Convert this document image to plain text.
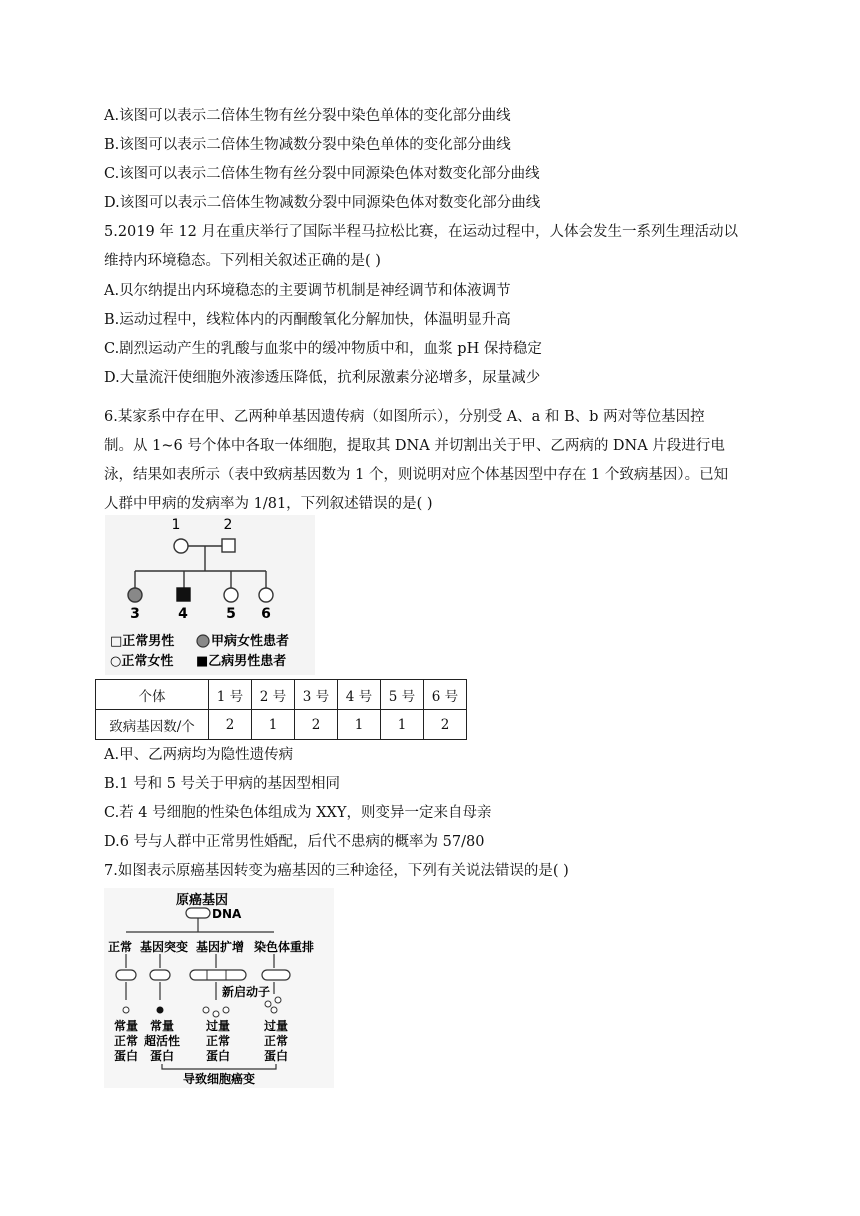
A.该图可以表示二倍体生物有丝分裂中染色单体的变化部分曲线
B.该图可以表示二倍体生物减数分裂中染色单体的变化部分曲线
C.该图可以表示二倍体生物有丝分裂中同源染色体对数变化部分曲线
D.该图可以表示二倍体生物减数分裂中同源染色体对数变化部分曲线
5.2019 年 12 月在重庆举行了国际半程马拉松比赛，在运动过程中，人体会发生一系列生理活动以
维持内环境稳态。下列相关叙述正确的是( )
A.贝尔纳提出内环境稳态的主要调节机制是神经调节和体液调节
B.运动过程中，线粒体内的丙酮酸氧化分解加快，体温明显升高
C.剧烈运动产生的乳酸与血浆中的缓冲物质中和，血浆 pH 保持稳定
D.大量流汗使细胞外液渗透压降低，抗利尿激素分泌增多，尿量减少
6.某家系中存在甲、乙两种单基因遗传病（如图所示），分别受 A、a 和 B、b 两对等位基因控
制。从 1~6 号个体中各取一体细胞，提取其 DNA 并切割出关于甲、乙两病的 DNA 片段进行电
泳，结果如表所示（表中致病基因数为 1 个，则说明对应个体基因型中存在 1 个致病基因）。已知
人群中甲病的发病率为 1/81，下列叙述错误的是( )
1	2
3	4	5 6
□正常男性	甲病女性患者
○正常女性 ■乙病男性患者
个体	1 号	2 号	3 号	4 号	5 号	6 号
致病基因数/个	2	1	2	1	1	2
A.甲、乙两病均为隐性遗传病
B.1 号和 5 号关于甲病的基因型相同
C.若 4 号细胞的性染色体组成为 XXY，则变异一定来自母亲
D.6 号与人群中正常男性婚配，后代不患病的概率为 57/80
7.如图表示原癌基因转变为癌基因的三种途径，下列有关说法错误的是( )
原癌基因
DNA
正常 基因突变 基因扩增 染色体重排
新启动子
常量
正常
蛋白
常量
超活性
蛋白
过量
正常
蛋白
过量
正常
蛋白
导致细胞癌变
